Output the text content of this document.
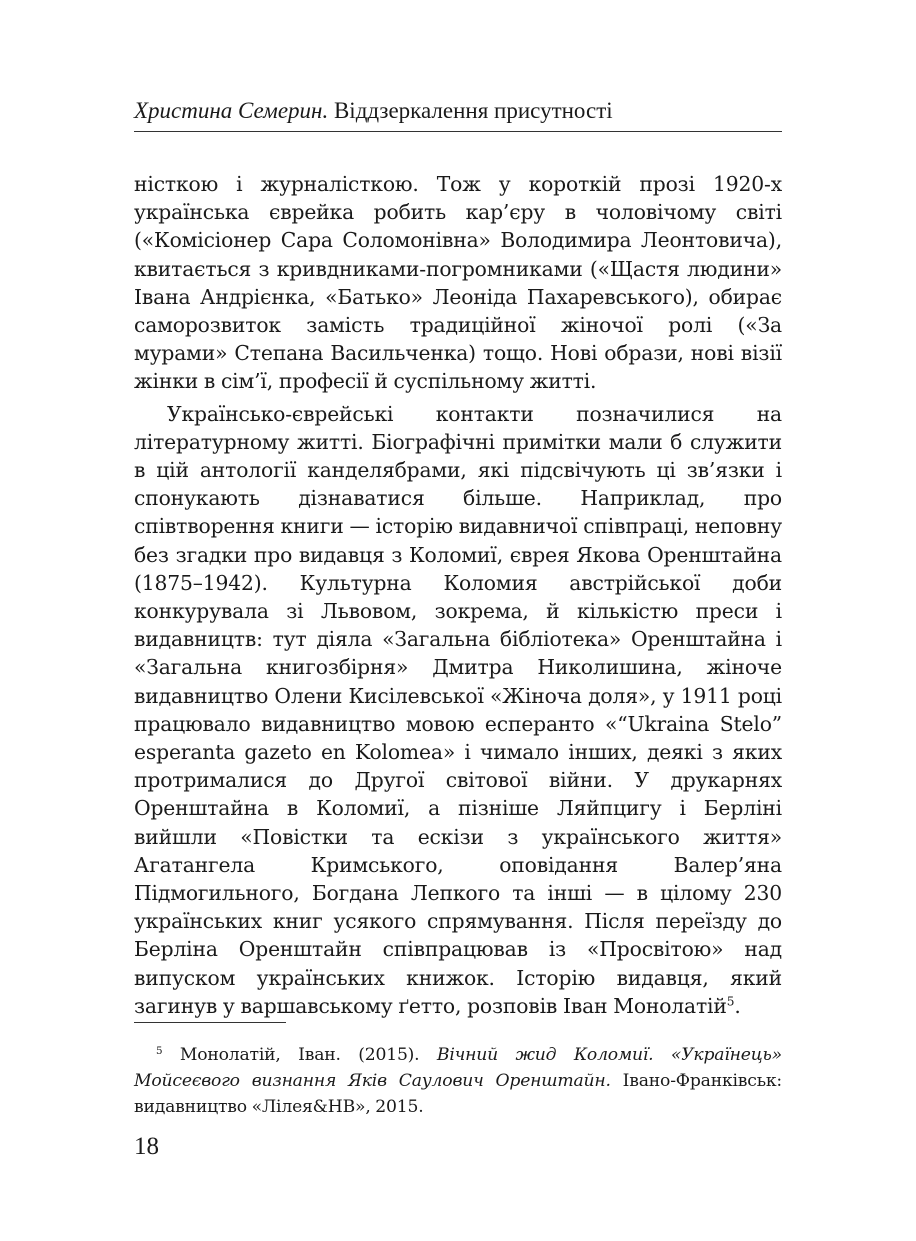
Христина Семерин. Віддзеркалення присутності

ністкою і журналісткою. Тож у короткій прозі 1920-х українська єврейка робить кар’єру в чоловічому світі («Комісіонер Сара Соломонівна» Володимира Леонтовича), квитається з кривдниками-погромниками («Щастя людини» Івана Андрієнка, «Батько» Леоніда Пахаревського), обирає саморозвиток замість традиційної жіночої ролі («За мурами» Степана Васильченка) тощо. Нові образи, нові візії жінки в сім’ї, професії й суспільному житті.

Українсько-єврейські контакти позначилися на літературному житті. Біографічні примітки мали б служити в цій антології канделябрами, які підсвічують ці зв’язки і спонукають дізнаватися більше. Наприклад, про співтворення книги — історію видавничої співпраці, неповну без згадки про видавця з Коломиї, єврея Якова Оренштайна (1875–1942). Культурна Коломия австрійської доби конкурувала зі Львовом, зокрема, й кількістю преси і видавництв: тут діяла «Загальна бібліотека» Оренштайна і «Загальна книгозбірня» Дмитра Николишина, жіноче видавництво Олени Кисілевської «Жіноча доля», у 1911 році працювало видавництво мовою есперанто «“Ukraina Stelo” esperanta gazeto en Kolomea» і чимало інших, деякі з яких протрималися до Другої світової війни. У друкарнях Оренштайна в Коломиї, а пізніше Ляйпцигу і Берліні вийшли «Повістки та ескізи з українського життя» Агатангела Кримського, оповідання Валер’яна Підмогильного, Богдана Лепкого та інші — в цілому 230 українських книг усякого спрямування. Після переїзду до Берліна Оренштайн співпрацював із «Просвітою» над випуском українських книжок. Історію видавця, який загинув у варшавському ґетто, розповів Іван Монолатій$^5$.

$^5$ Монолатій, Іван. (2015). Вічний жид Коломиї. «Українець» Мойсеєвого визнання Яків Саулович Оренштайн. Івано-Франківськ: видавництво «Лілея&НВ», 2015.
18
